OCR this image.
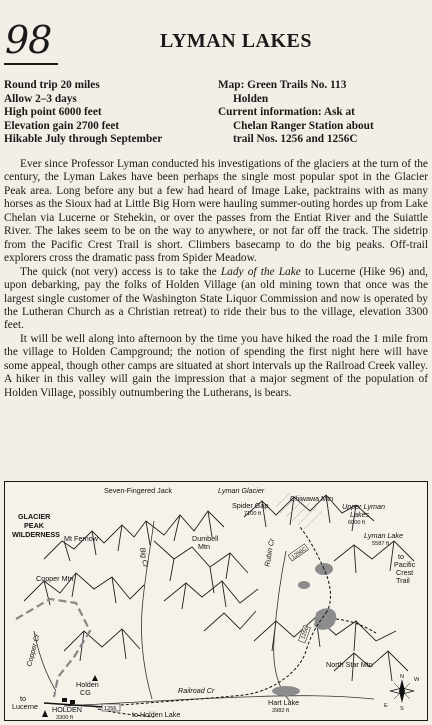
98	LYMAN LAKES
Round trip 20 miles
Allow 2–3 days
High point 6000 feet
Elevation gain 2700 feet
Hikable July through September
Map: Green Trails No. 113
Holden
Current information: Ask at
Chelan Ranger Station about
trail Nos. 1256 and 1256C

Ever since Professor Lyman conducted his investigations of the glaciers at the turn of the century, the Lyman Lakes have been perhaps the single most popular spot in the Glacier Peak area. Long before any but a few had heard of Image Lake, packtrains with as many horses as the Sioux had at Little Big Horn were hauling summer-outing hordes up from Lake Chelan via Lucerne or Stehekin, or over the passes from the Entiat River and the Suiattle River. The lakes seem to be on the way to anywhere, or not far off the track. The sidetrip from the Pacific Crest Trail is short. Climbers basecamp to do the big peaks. Off-trail explorers cross the dramatic pass from Spider Meadow.

The quick (not very) access is to take the Lady of the Lake to Lucerne (Hike 96) and, upon debarking, pay the folks of Holden Village (an old mining town that once was the largest single customer of the Washington State Liquor Commission and now is operated by the Lutheran Church as a Christian retreat) to ride their bus to the village, elevation 3300 feet.

It will be well along into afternoon by the time you have hiked the road the 1 mile from the village to Holden Campground; the notion of spending the first night here will have some appeal, though other camps are situated at short intervals up the Railroad Creek valley. A hiker in this valley will gain the impression that a major segment of the population of Holden Village, possibly outnumbering the Lutherans, is bears.

Seven-Fingered Jack	Lyman Glacier
Chiwawa Mtn
GLACIER
PEAK
WILDERNESS
Spider Gap
7100 ft
Upper Lyman
Lakes
6000 ft
Mt Fernow
Big Cr
Lyman Lake
5587 ft
Dumbell
Mtn	Rubin Cr	1256C
1256
to
Pacific
Crest
Trail
Copper Mtn
Copper Cr	North Star Mtn
Holden
CG
to
Lucerne
Railroad Cr
Hart Lake
3982 ft
HOLDEN
3300 ft
1256
to Holden Lake
N
S
E
W
